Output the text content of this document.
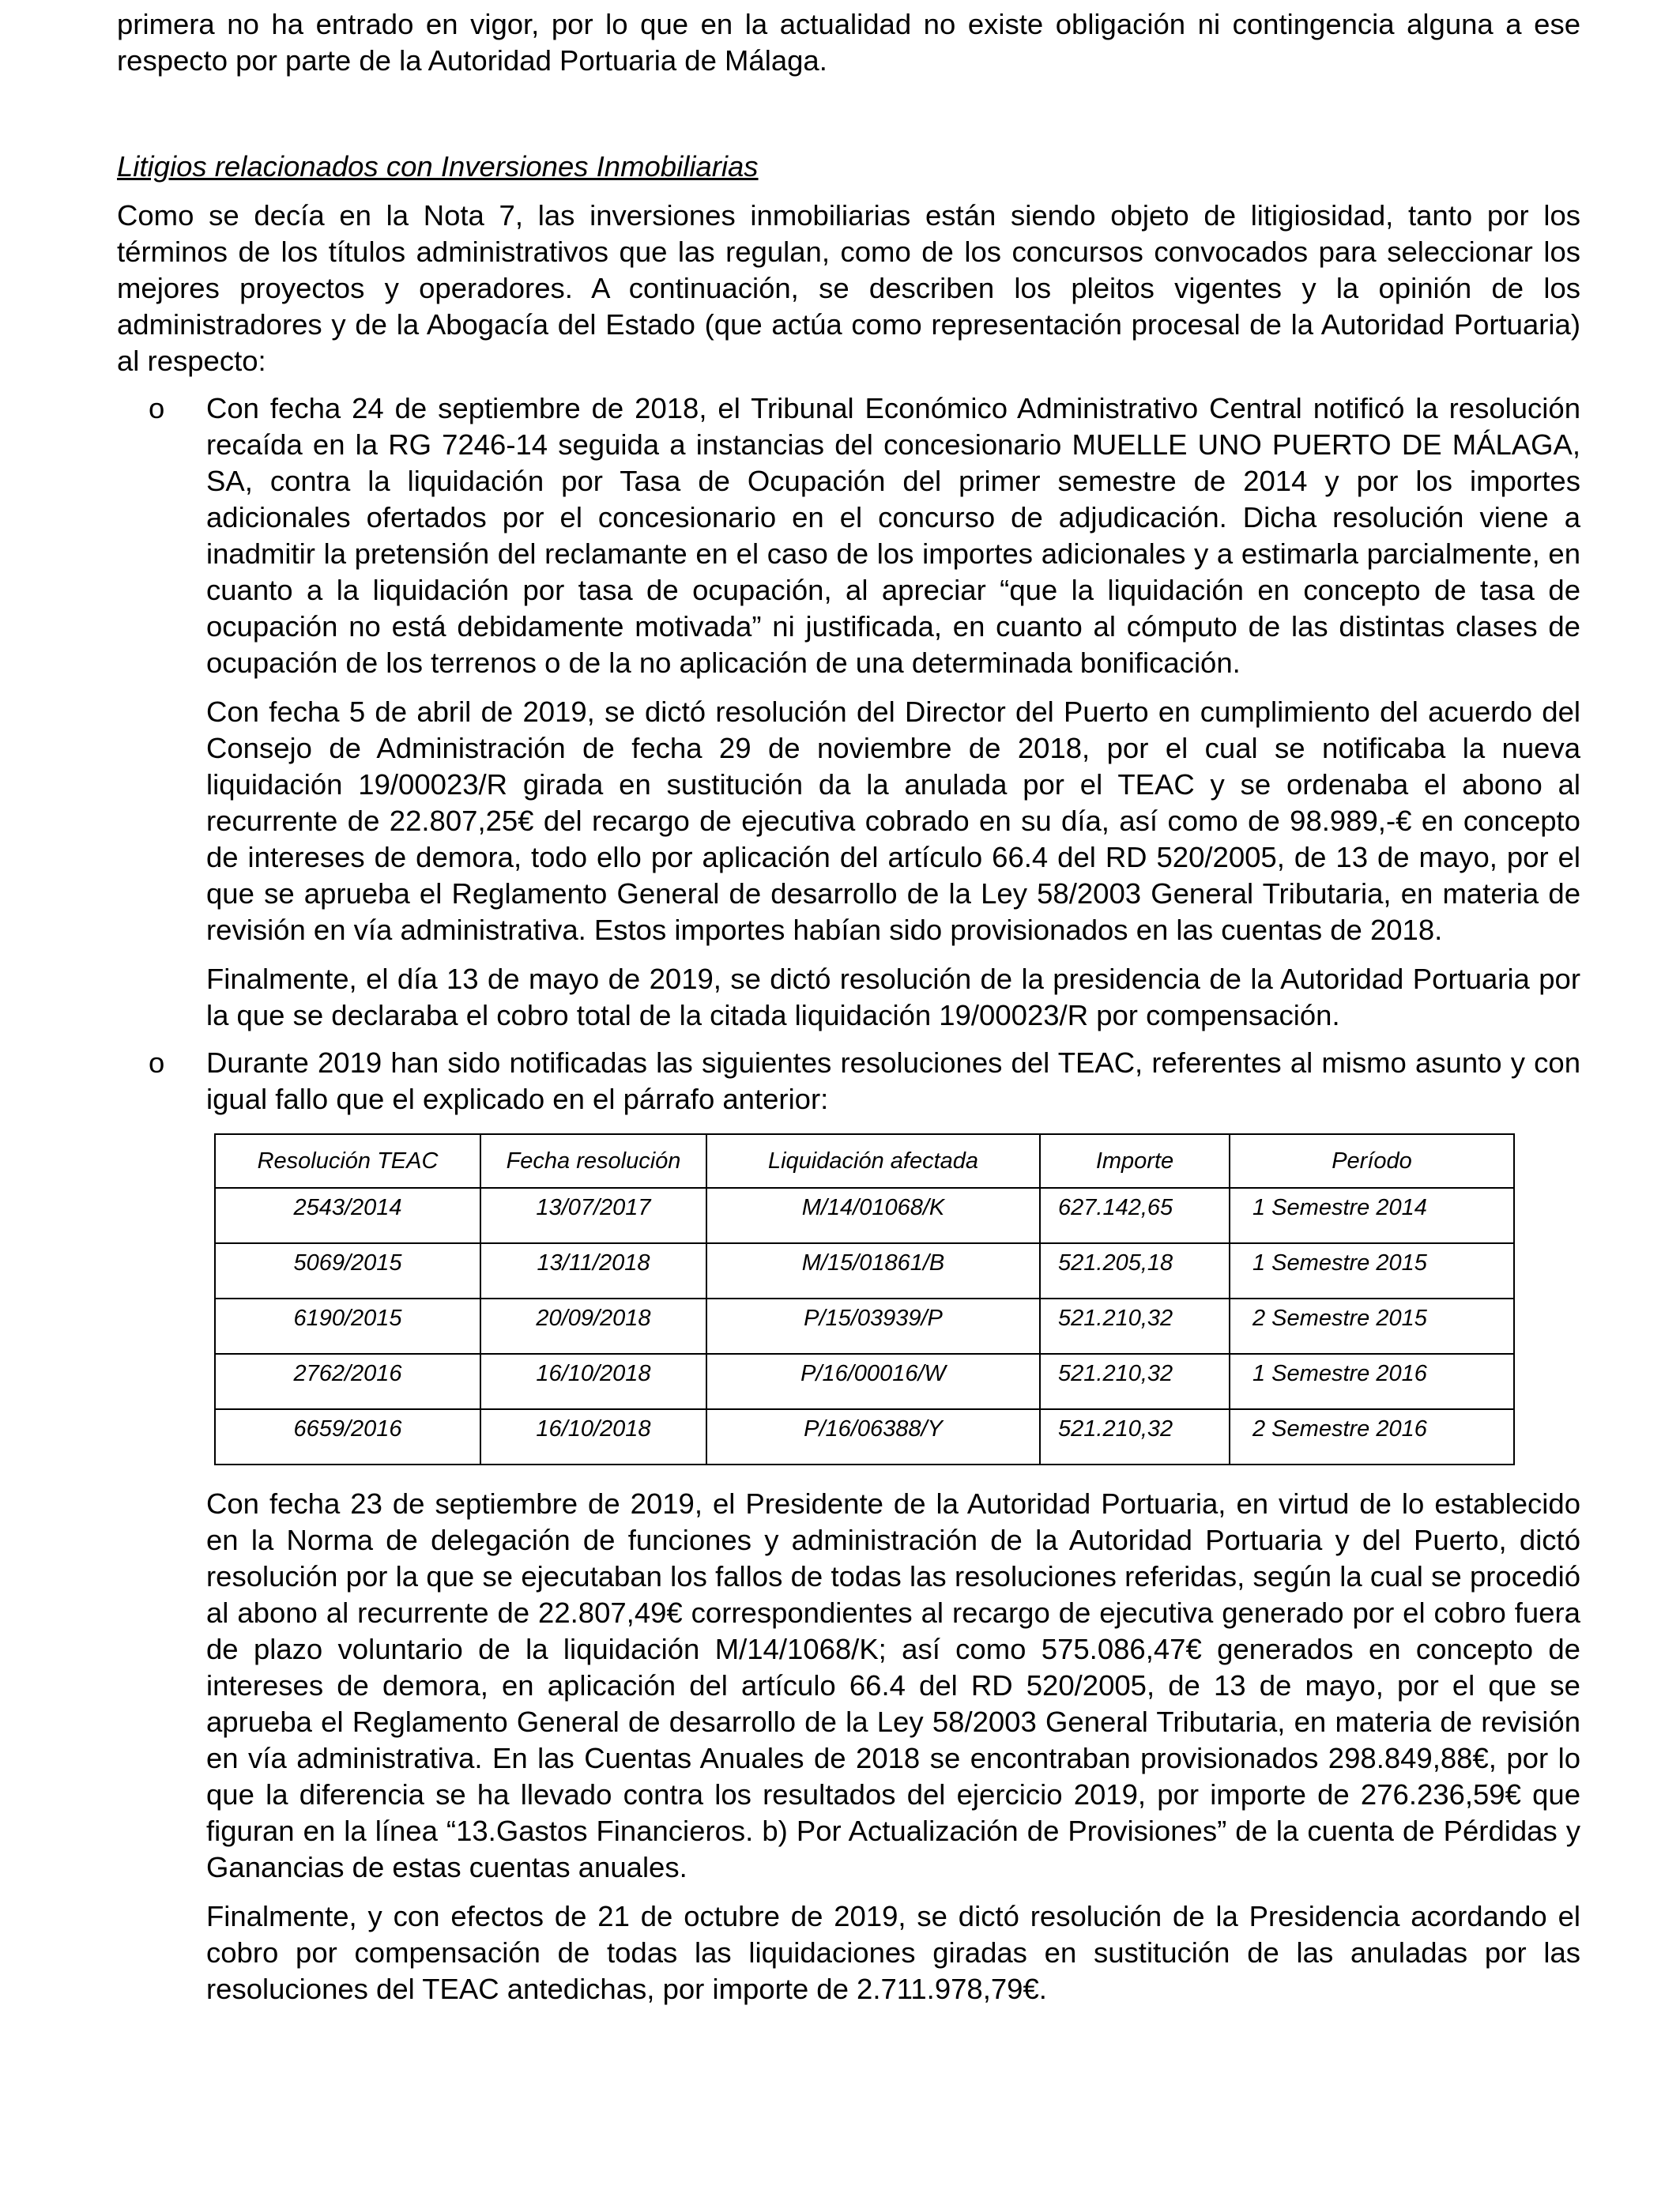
primera no ha entrado en vigor, por lo que en la actualidad no existe obligación ni contingencia alguna a ese respecto por parte de la Autoridad Portuaria de Málaga.

Litigios relacionados con Inversiones Inmobiliarias

Como se decía en la Nota 7, las inversiones inmobiliarias están siendo objeto de litigiosidad, tanto por los términos de los títulos administrativos que las regulan, como de los concursos convocados para seleccionar los mejores proyectos y operadores. A continuación, se describen los pleitos vigentes y la opinión de los administradores y de la Abogacía del Estado (que actúa como representación procesal de la Autoridad Portuaria) al respecto:

o	Con fecha 24 de septiembre de 2018, el Tribunal Económico Administrativo Central notificó la resolución recaída en la RG 7246-14 seguida a instancias del concesionario MUELLE UNO PUERTO DE MÁLAGA, SA, contra la liquidación por Tasa de Ocupación del primer semestre de 2014 y por los importes adicionales ofertados por el concesionario en el concurso de adjudicación. Dicha resolución viene a inadmitir la pretensión del reclamante en el caso de los importes adicionales y a estimarla parcialmente, en cuanto a la liquidación por tasa de ocupación, al apreciar “que la liquidación en concepto de tasa de ocupación no está debidamente motivada” ni justificada, en cuanto al cómputo de las distintas clases de ocupación de los terrenos o de la no aplicación de una determinada bonificación.

Con fecha 5 de abril de 2019, se dictó resolución del Director del Puerto en cumplimiento del acuerdo del Consejo de Administración de fecha 29 de noviembre de 2018, por el cual se notificaba la nueva liquidación 19/00023/R girada en sustitución da la anulada por el TEAC y se ordenaba el abono al recurrente de 22.807,25€ del recargo de ejecutiva cobrado en su día, así como de 98.989,-€ en concepto de intereses de demora, todo ello por aplicación del artículo 66.4 del RD 520/2005, de 13 de mayo, por el que se aprueba el Reglamento General de desarrollo de la Ley 58/2003 General Tributaria, en materia de revisión en vía administrativa. Estos importes habían sido provisionados en las cuentas de 2018.

Finalmente, el día 13 de mayo de 2019, se dictó resolución de la presidencia de la Autoridad Portuaria por la que se declaraba el cobro total de la citada liquidación 19/00023/R por compensación.

o	Durante 2019 han sido notificadas las siguientes resoluciones del TEAC, referentes al mismo asunto y con igual fallo que el explicado en el párrafo anterior:

Resolución TEAC	Fecha resolución	Liquidación afectada	Importe	Período
2543/2014	13/07/2017	M/14/01068/K	627.142,65	1 Semestre 2014
5069/2015	13/11/2018	M/15/01861/B	521.205,18	1 Semestre 2015
6190/2015	20/09/2018	P/15/03939/P	521.210,32	2 Semestre 2015
2762/2016	16/10/2018	P/16/00016/W	521.210,32	1 Semestre 2016
6659/2016	16/10/2018	P/16/06388/Y	521.210,32	2 Semestre 2016

Con fecha 23 de septiembre de 2019, el Presidente de la Autoridad Portuaria, en virtud de lo establecido en la Norma de delegación de funciones y administración de la Autoridad Portuaria y del Puerto, dictó resolución por la que se ejecutaban los fallos de todas las resoluciones referidas, según la cual se procedió al abono al recurrente de 22.807,49€ correspondientes al recargo de ejecutiva generado por el cobro fuera de plazo voluntario de la liquidación M/14/1068/K; así como 575.086,47€ generados en concepto de intereses de demora, en aplicación del artículo 66.4 del RD 520/2005, de 13 de mayo, por el que se aprueba el Reglamento General de desarrollo de la Ley 58/2003 General Tributaria, en materia de revisión en vía administrativa. En las Cuentas Anuales de 2018 se encontraban provisionados 298.849,88€, por lo que la diferencia se ha llevado contra los resultados del ejercicio 2019, por importe de 276.236,59€ que figuran en la línea “13.Gastos Financieros. b) Por Actualización de Provisiones” de la cuenta de Pérdidas y Ganancias de estas cuentas anuales.

Finalmente, y con efectos de 21 de octubre de 2019, se dictó resolución de la Presidencia acordando el cobro por compensación de todas las liquidaciones giradas en sustitución de las anuladas por las resoluciones del TEAC antedichas, por importe de 2.711.978,79€.
